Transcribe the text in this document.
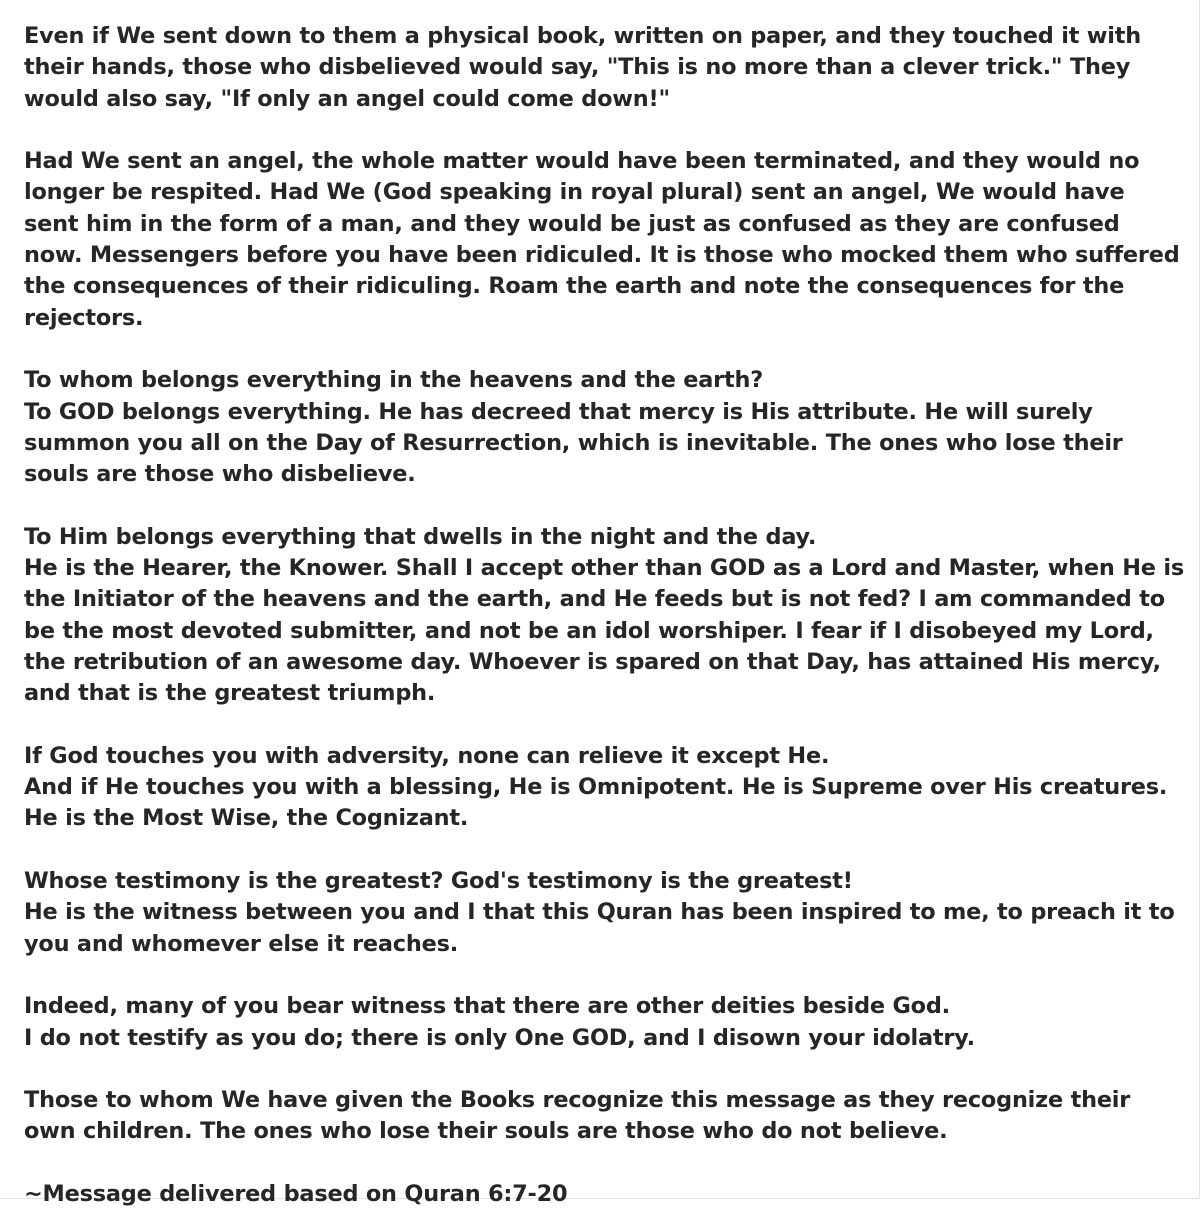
Even if We sent down to them a physical book, written on paper, and they touched it with their hands, those who disbelieved would say, "This is no more than a clever trick." They would also say, "If only an angel could come down!"
Had We sent an angel, the whole matter would have been terminated, and they would no longer be respited. Had We (God speaking in royal plural) sent an angel, We would have sent him in the form of a man, and they would be just as confused as they are confused now. Messengers before you have been ridiculed. It is those who mocked them who suffered the consequences of their ridiculing. Roam the earth and note the consequences for the rejectors.
To whom belongs everything in the heavens and the earth?
To GOD belongs everything. He has decreed that mercy is His attribute. He will surely summon you all on the Day of Resurrection, which is inevitable. The ones who lose their souls are those who disbelieve.
To Him belongs everything that dwells in the night and the day.
He is the Hearer, the Knower. Shall I accept other than GOD as a Lord and Master, when He is the Initiator of the heavens and the earth, and He feeds but is not fed? I am commanded to be the most devoted submitter, and not be an idol worshiper. I fear if I disobeyed my Lord, the retribution of an awesome day. Whoever is spared on that Day, has attained His mercy, and that is the greatest triumph.
If God touches you with adversity, none can relieve it except He.
And if He touches you with a blessing, He is Omnipotent. He is Supreme over His creatures.
He is the Most Wise, the Cognizant.
Whose testimony is the greatest? God's testimony is the greatest!
He is the witness between you and I that this Quran has been inspired to me, to preach it to you and whomever else it reaches.
Indeed, many of you bear witness that there are other deities beside God.
I do not testify as you do; there is only One GOD, and I disown your idolatry.
Those to whom We have given the Books recognize this message as they recognize their own children. The ones who lose their souls are those who do not believe.
~Message delivered based on Quran 6:7-20
